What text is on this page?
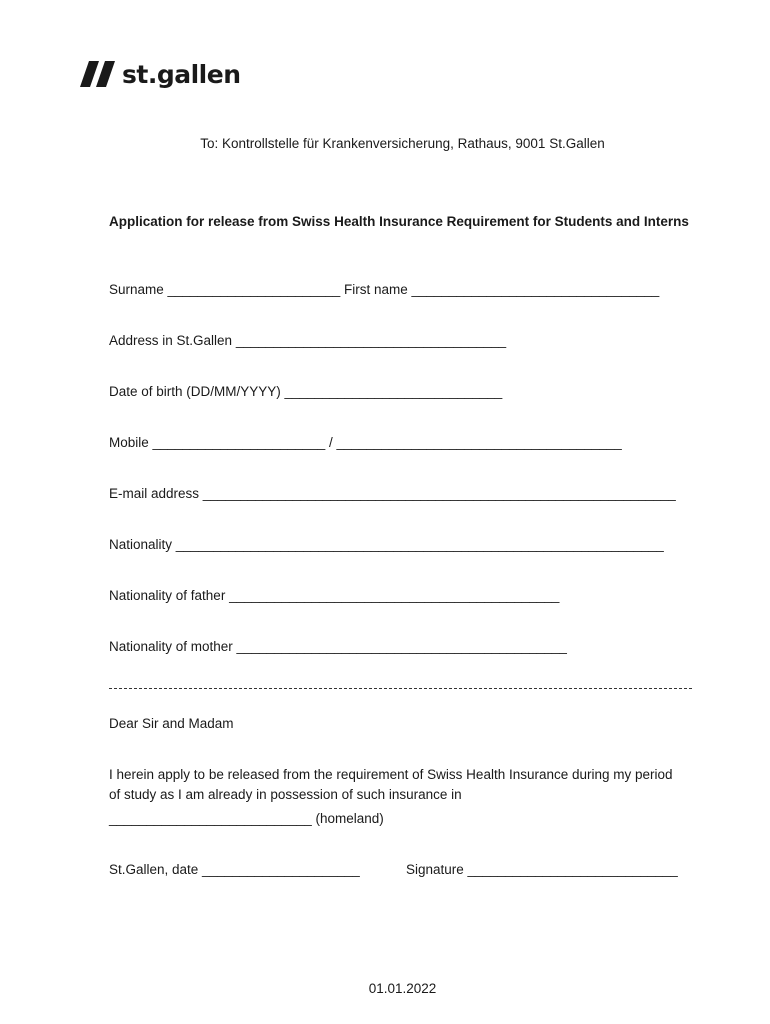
st.gallen
To: Kontrollstelle für Krankenversicherung, Rathaus, 9001 St.Gallen
Application for release from Swiss Health Insurance Requirement for Students and Interns
Surname _______________________ First name _________________________________
Address in St.Gallen ____________________________________
Date of birth (DD/MM/YYYY) _____________________________
Mobile _______________________ / ______________________________________
E-mail address _______________________________________________________________
Nationality _________________________________________________________________
Nationality of father ____________________________________________
Nationality of mother ____________________________________________
Dear Sir and Madam
I herein apply to be released from the requirement of Swiss Health Insurance during my period of study as I am already in possession of such insurance in
___________________________ (homeland)
St.Gallen, date _____________________	Signature ____________________________
01.01.2022
